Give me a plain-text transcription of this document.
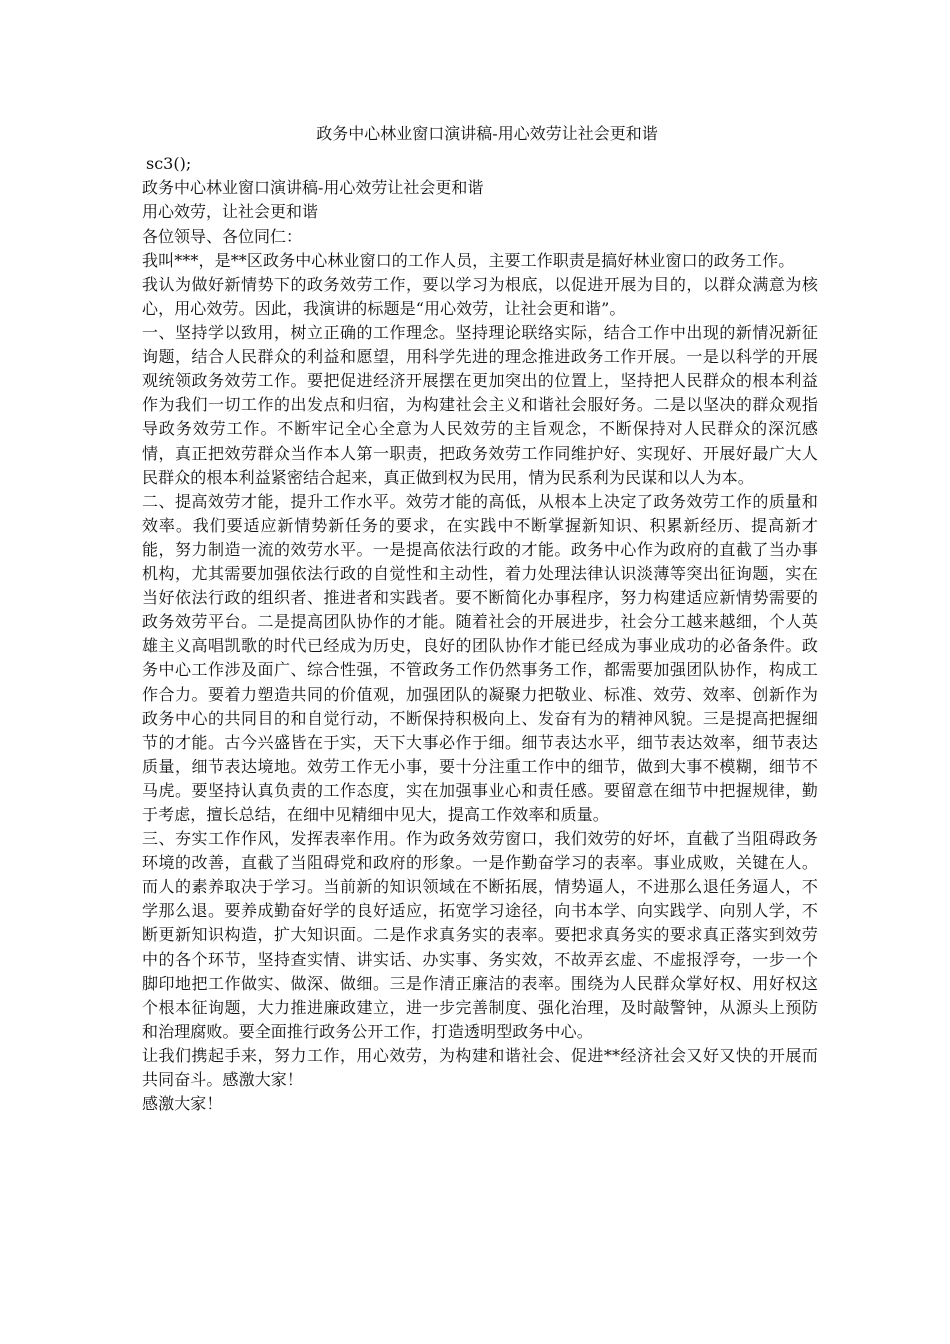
政务中心林业窗口演讲稿-用心效劳让社会更和谐
sc3();
政务中心林业窗口演讲稿-用心效劳让社会更和谐
用心效劳，让社会更和谐
各位领导、各位同仁：
我叫***，是**区政务中心林业窗口的工作人员，主要工作职责是搞好林业窗口的政务工作。
我认为做好新情势下的政务效劳工作，要以学习为根底，以促进开展为目的，以群众满意为核心，用心效劳。因此，我演讲的标题是“用心效劳，让社会更和谐”。
一、坚持学以致用，树立正确的工作理念。坚持理论联络实际，结合工作中出现的新情况新征询题，结合人民群众的利益和愿望，用科学先进的理念推进政务工作开展。一是以科学的开展观统领政务效劳工作。要把促进经济开展摆在更加突出的位置上，坚持把人民群众的根本利益作为我们一切工作的出发点和归宿，为构建社会主义和谐社会服好务。二是以坚决的群众观指导政务效劳工作。不断牢记全心全意为人民效劳的主旨观念，不断保持对人民群众的深沉感情，真正把效劳群众当作本人第一职责，把政务效劳工作同维护好、实现好、开展好最广大人民群众的根本利益紧密结合起来，真正做到权为民用，情为民系利为民谋和以人为本。
二、提高效劳才能，提升工作水平。效劳才能的高低，从根本上决定了政务效劳工作的质量和效率。我们要适应新情势新任务的要求，在实践中不断掌握新知识、积累新经历、提高新才能，努力制造一流的效劳水平。一是提高依法行政的才能。政务中心作为政府的直截了当办事机构，尤其需要加强依法行政的自觉性和主动性，着力处理法律认识淡薄等突出征询题，实在当好依法行政的组织者、推进者和实践者。要不断简化办事程序，努力构建适应新情势需要的政务效劳平台。二是提高团队协作的才能。随着社会的开展进步，社会分工越来越细，个人英雄主义高唱凯歌的时代已经成为历史，良好的团队协作才能已经成为事业成功的必备条件。政务中心工作涉及面广、综合性强，不管政务工作仍然事务工作，都需要加强团队协作，构成工作合力。要着力塑造共同的价值观，加强团队的凝聚力把敬业、标准、效劳、效率、创新作为政务中心的共同目的和自觉行动，不断保持积极向上、发奋有为的精神风貌。三是提高把握细节的才能。古今兴盛皆在于实，天下大事必作于细。细节表达水平，细节表达效率，细节表达质量，细节表达境地。效劳工作无小事，要十分注重工作中的细节，做到大事不模糊，细节不马虎。要坚持认真负责的工作态度，实在加强事业心和责任感。要留意在细节中把握规律，勤于考虑，擅长总结，在细中见精细中见大，提高工作效率和质量。
三、夯实工作作风，发挥表率作用。作为政务效劳窗口，我们效劳的好坏，直截了当阻碍政务环境的改善，直截了当阻碍党和政府的形象。一是作勤奋学习的表率。事业成败，关键在人。而人的素养取决于学习。当前新的知识领域在不断拓展，情势逼人，不进那么退任务逼人，不学那么退。要养成勤奋好学的良好适应，拓宽学习途径，向书本学、向实践学、向别人学，不断更新知识构造，扩大知识面。二是作求真务实的表率。要把求真务实的要求真正落实到效劳中的各个环节，坚持查实情、讲实话、办实事、务实效，不故弄玄虚、不虚报浮夸，一步一个脚印地把工作做实、做深、做细。三是作清正廉洁的表率。围绕为人民群众掌好权、用好权这个根本征询题，大力推进廉政建立，进一步完善制度、强化治理，及时敲警钟，从源头上预防和治理腐败。要全面推行政务公开工作，打造透明型政务中心。
让我们携起手来，努力工作，用心效劳，为构建和谐社会、促进**经济社会又好又快的开展而共同奋斗。感激大家！
感激大家！
